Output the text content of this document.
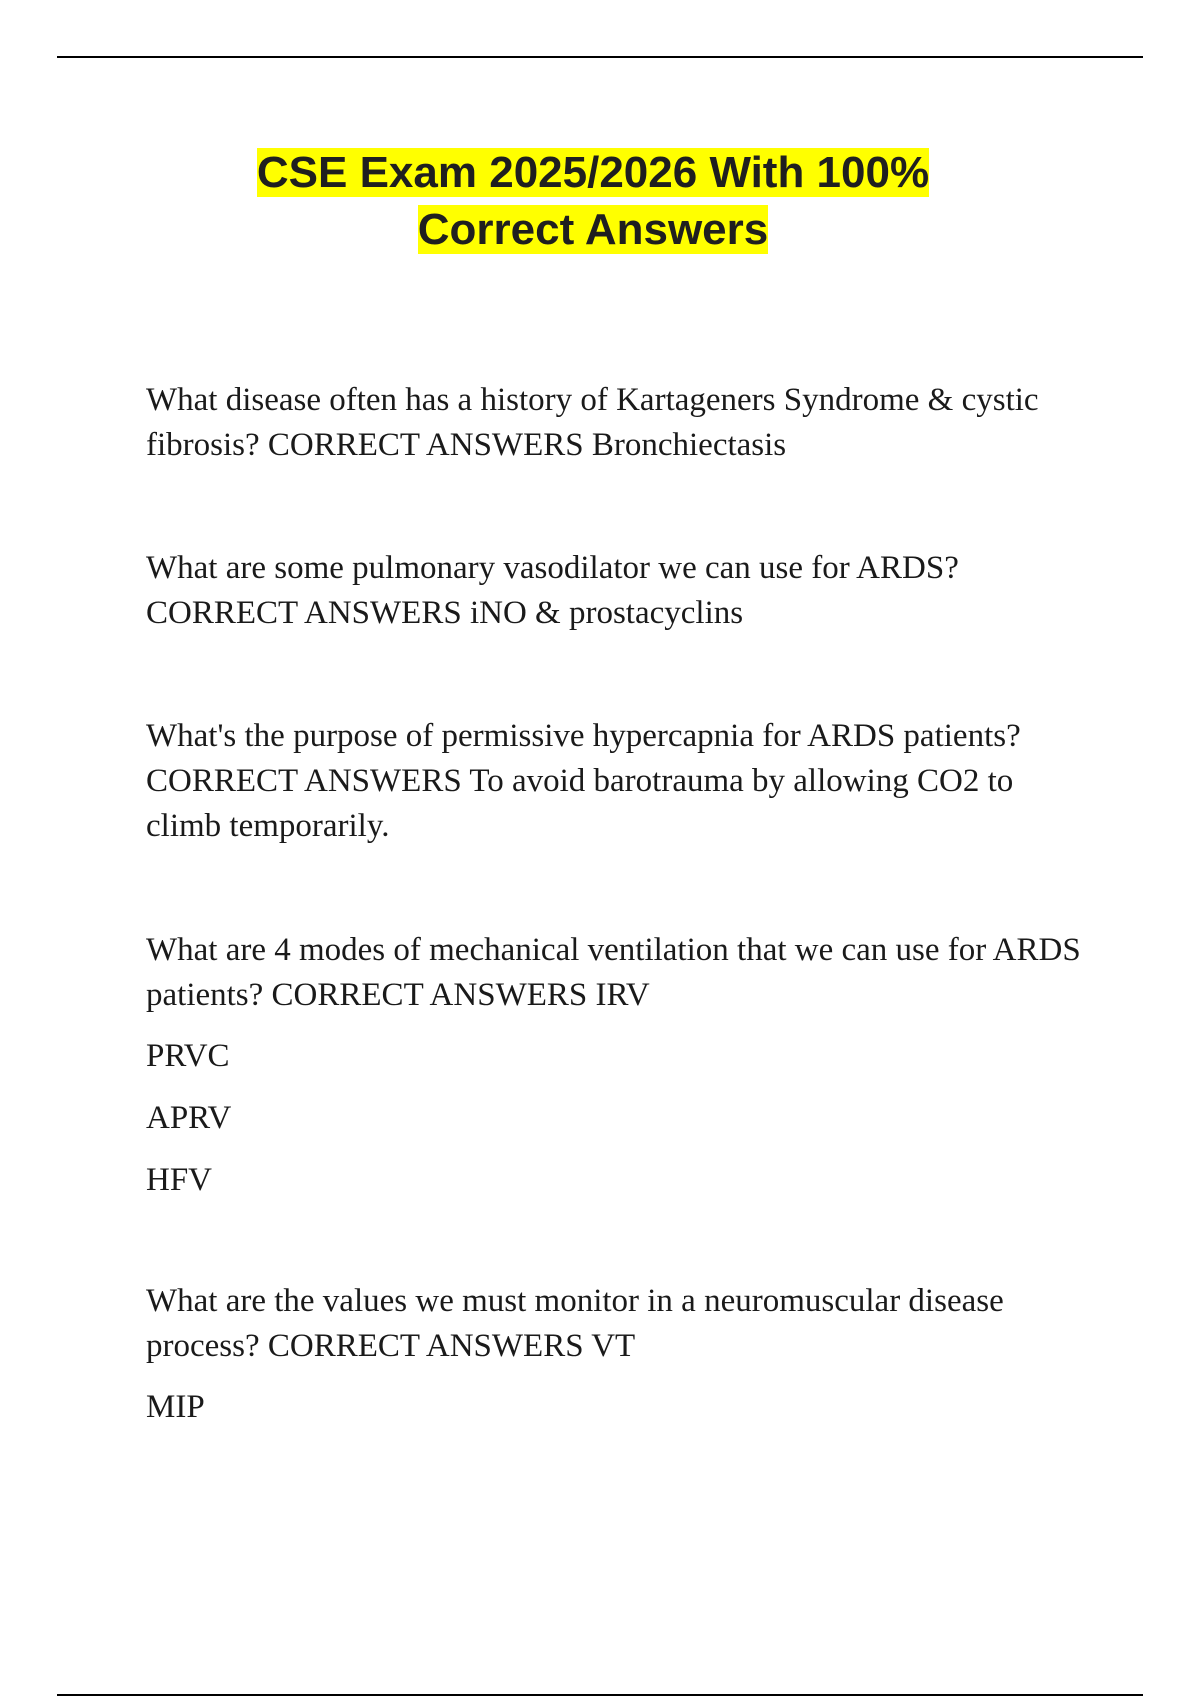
CSE Exam 2025/2026 With 100%
Correct Answers

What disease often has a history of Kartageners Syndrome & cystic fibrosis? CORRECT ANSWERS Bronchiectasis

What are some pulmonary vasodilator we can use for ARDS? CORRECT ANSWERS iNO & prostacyclins

What's the purpose of permissive hypercapnia for ARDS patients? CORRECT ANSWERS To avoid barotrauma by allowing CO2 to climb temporarily.

What are 4 modes of mechanical ventilation that we can use for ARDS patients? CORRECT ANSWERS IRV

PRVC

APRV

HFV

What are the values we must monitor in a neuromuscular disease process? CORRECT ANSWERS VT

MIP
